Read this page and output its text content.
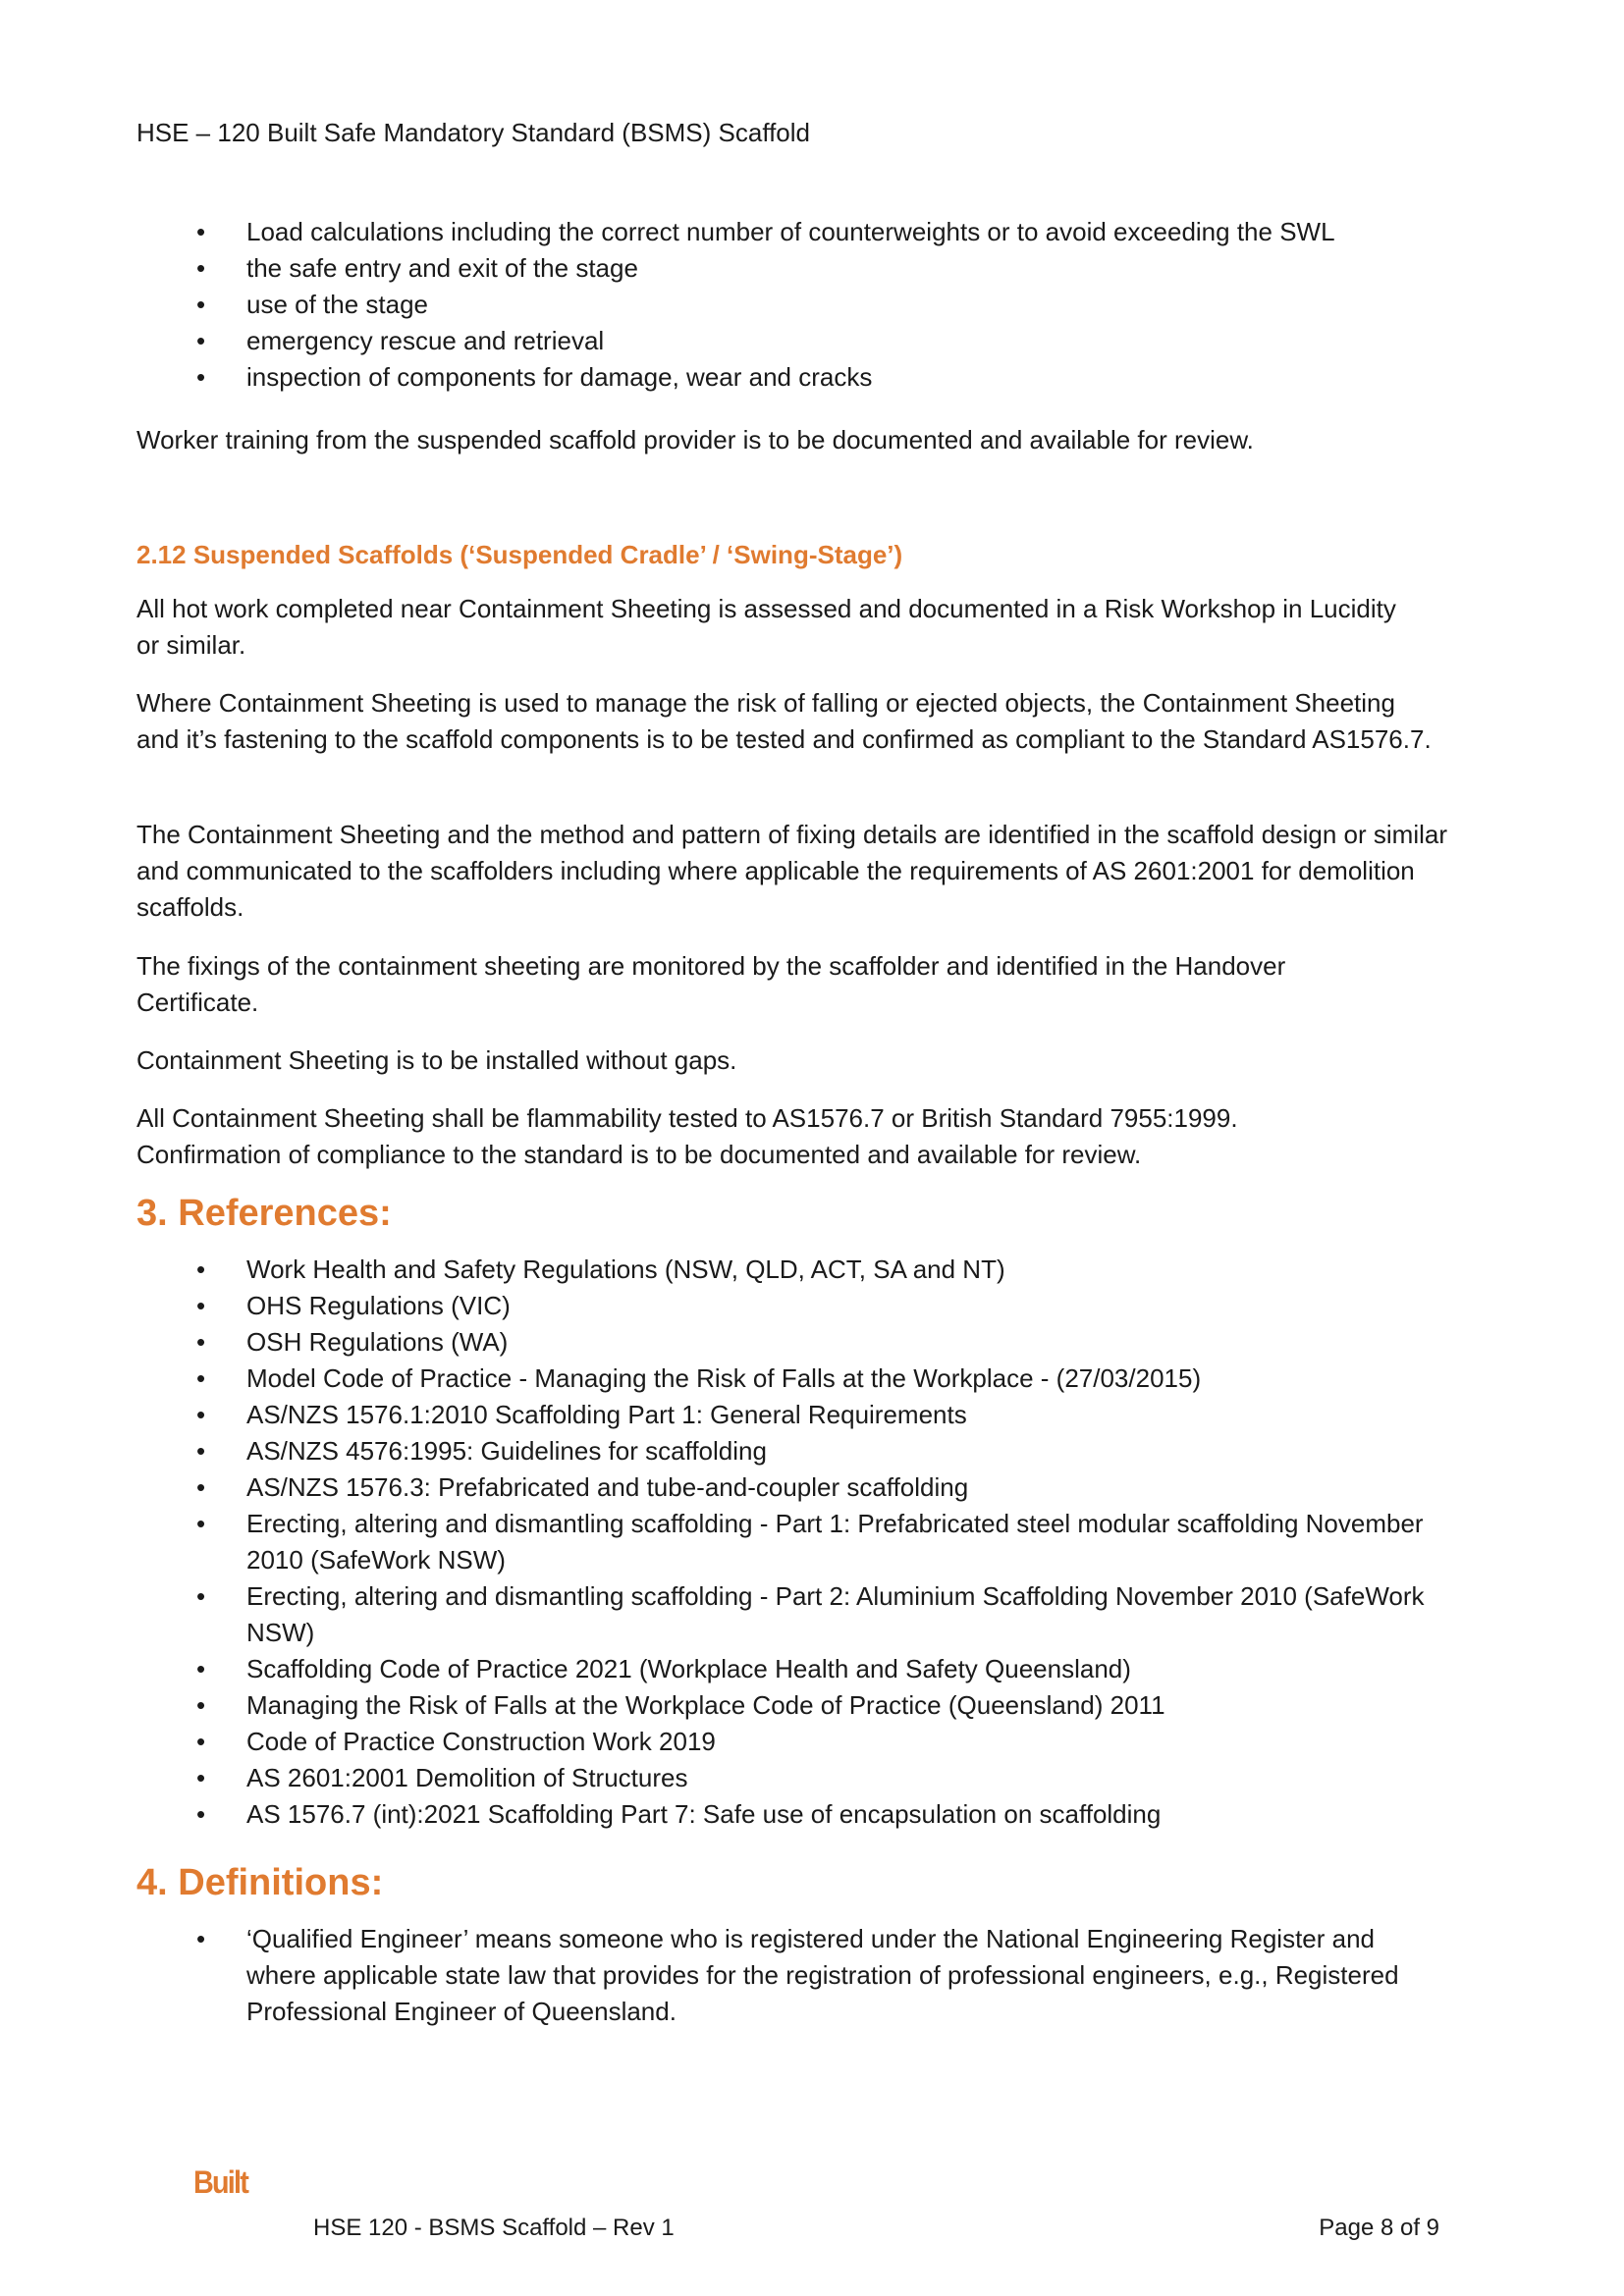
HSE – 120 Built Safe Mandatory Standard (BSMS) Scaffold
• Load calculations including the correct number of counterweights or to avoid exceeding the SWL
• the safe entry and exit of the stage
• use of the stage
• emergency rescue and retrieval
• inspection of components for damage, wear and cracks
Worker training from the suspended scaffold provider is to be documented and available for review.
2.12 Suspended Scaffolds (‘Suspended Cradle’ / ‘Swing-Stage’)
All hot work completed near Containment Sheeting is assessed and documented in a Risk Workshop in Lucidity or similar.
Where Containment Sheeting is used to manage the risk of falling or ejected objects, the Containment Sheeting and it’s fastening to the scaffold components is to be tested and confirmed as compliant to the Standard AS1576.7.
The Containment Sheeting and the method and pattern of fixing details are identified in the scaffold design or similar and communicated to the scaffolders including where applicable the requirements of AS 2601:2001 for demolition scaffolds.
The fixings of the containment sheeting are monitored by the scaffolder and identified in the Handover Certificate.
Containment Sheeting is to be installed without gaps.
All Containment Sheeting shall be flammability tested to AS1576.7 or British Standard 7955:1999. Confirmation of compliance to the standard is to be documented and available for review.
3. References:
• Work Health and Safety Regulations (NSW, QLD, ACT, SA and NT)
• OHS Regulations (VIC)
• OSH Regulations (WA)
• Model Code of Practice - Managing the Risk of Falls at the Workplace - (27/03/2015)
• AS/NZS 1576.1:2010 Scaffolding Part 1: General Requirements
• AS/NZS 4576:1995: Guidelines for scaffolding
• AS/NZS 1576.3: Prefabricated and tube-and-coupler scaffolding
• Erecting, altering and dismantling scaffolding - Part 1: Prefabricated steel modular scaffolding November 2010 (SafeWork NSW)
• Erecting, altering and dismantling scaffolding - Part 2: Aluminium Scaffolding November 2010 (SafeWork NSW)
• Scaffolding Code of Practice 2021 (Workplace Health and Safety Queensland)
• Managing the Risk of Falls at the Workplace Code of Practice (Queensland) 2011
• Code of Practice Construction Work 2019
• AS 2601:2001 Demolition of Structures
• AS 1576.7 (int):2021 Scaffolding Part 7: Safe use of encapsulation on scaffolding
4. Definitions:
• ‘Qualified Engineer’ means someone who is registered under the National Engineering Register and where applicable state law that provides for the registration of professional engineers, e.g., Registered Professional Engineer of Queensland.
Built
HSE 120 - BSMS Scaffold – Rev 1	Page 8 of 9
